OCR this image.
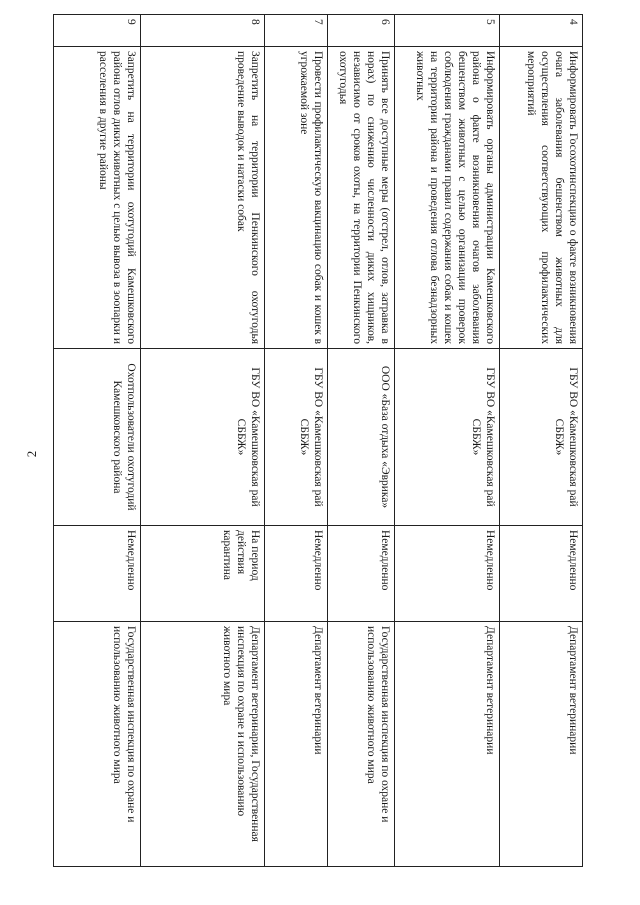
2
4	Информировать Госохотинспекцию о факте возникновения очага заболевания бешенством животных для осуществления соответствующих профилактических мероприятий	ГБУ ВО «Камешковская рай СББЖ»	Немедленно	Департамент ветеринарии
5	Информировать органы администрации Камешковского района о факте возникновения очагов заболевания бешенством животных с целью организации проверок соблюдения гражданами правил содержания собак и кошек на территории района и проведения отлова безнадзорных животных	ГБУ ВО «Камешковская рай СББЖ»	Немедленно	Департамент ветеринарии
6	Принять все доступные меры (отстрел, отлов, затравка в норах) по снижению численности диких хищников, независимо от сроков охоты, на территории Пенкинского охотугодья	ООО «База отдыха «Эврика»	Немедленно	Государственная инспекция по охране и использованию животного мира
7	Провести профилактическую вакцинацию собак и кошек в угрожаемой зоне	ГБУ ВО «Камешковская рай СББЖ»	Немедленно	Департамент ветеринарии
8	Запретить на территории Пенкинского охотугодья проведение выводок и натаски собак	ГБУ ВО «Камешковская рай СББЖ»	На период действия карантина	Департамент ветеринарии, Государственная инспекция по охране и использованию животного мира
9	Запретить на территории охотугодий Камешковского района отлов диких животных с целью вывоза в зоопарки и расселения в другие районы	Охотпользователи охотугодий Камешковского района	Немедленно	Государственная инспекция по охране и использованию животного мира
